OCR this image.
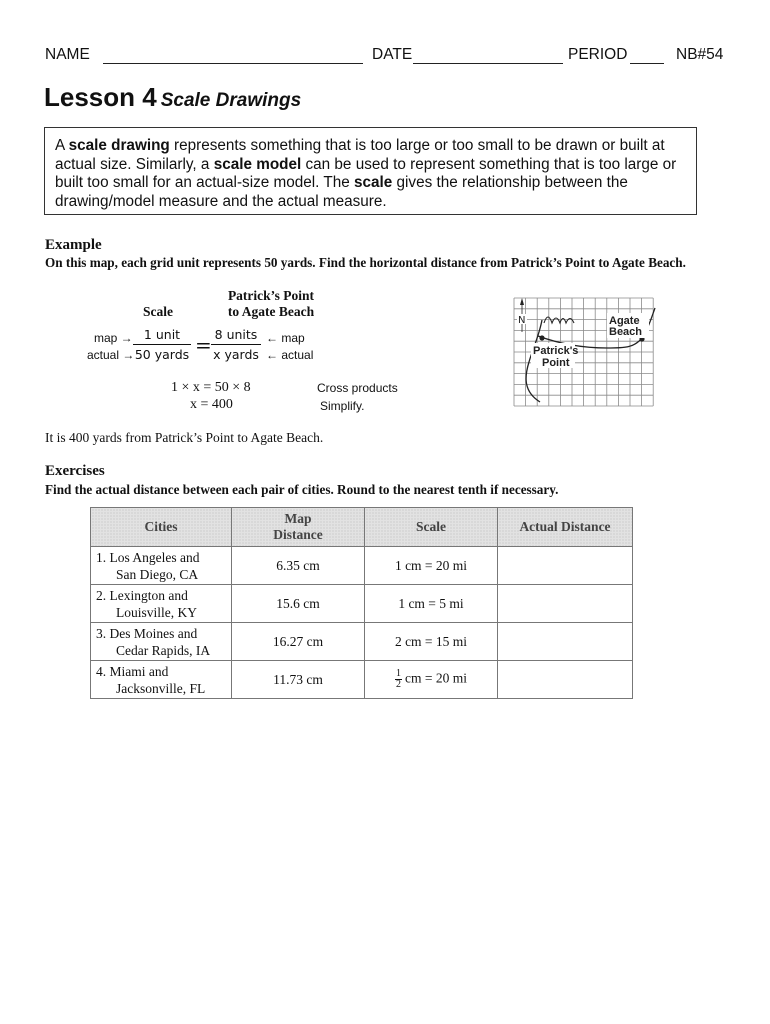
NAME	DATE	PERIOD	NB#54
Lesson 4 Scale Drawings
A scale drawing represents something that is too large or too small to be drawn or built at actual size. Similarly, a scale model can be used to represent something that is too large or built too small for an actual-size model. The scale gives the relationship between the drawing/model measure and the actual measure.
Example
On this map, each grid unit represents 50 yards. Find the horizontal distance from Patrick’s Point to Agate Beach.
Scale
Patrick’s Point
to Agate Beach
map →
actual →
1 unit
50 yards = 8 units
x yards
← map
← actual
1 × x = 50 × 8
x = 400
Cross products
Simplify.
N	Agate
Beach
Patrick's
Point
It is 400 yards from Patrick’s Point to Agate Beach.
Exercises
Find the actual distance between each pair of cities. Round to the nearest tenth if necessary.
Cities	Map
Distance	Scale	Actual Distance

1. Los Angeles and
San Diego, CA	6.35 cm	1 cm = 20 mi	

2. Lexington and
Louisville, KY	15.6 cm	1 cm = 5 mi	

3. Des Moines and
Cedar Rapids, IA	16.27 cm	2 cm = 15 mi	

4. Miami and
Jacksonville, FL	11.73 cm	$\frac{1}{2}$ cm = 20 mi	
